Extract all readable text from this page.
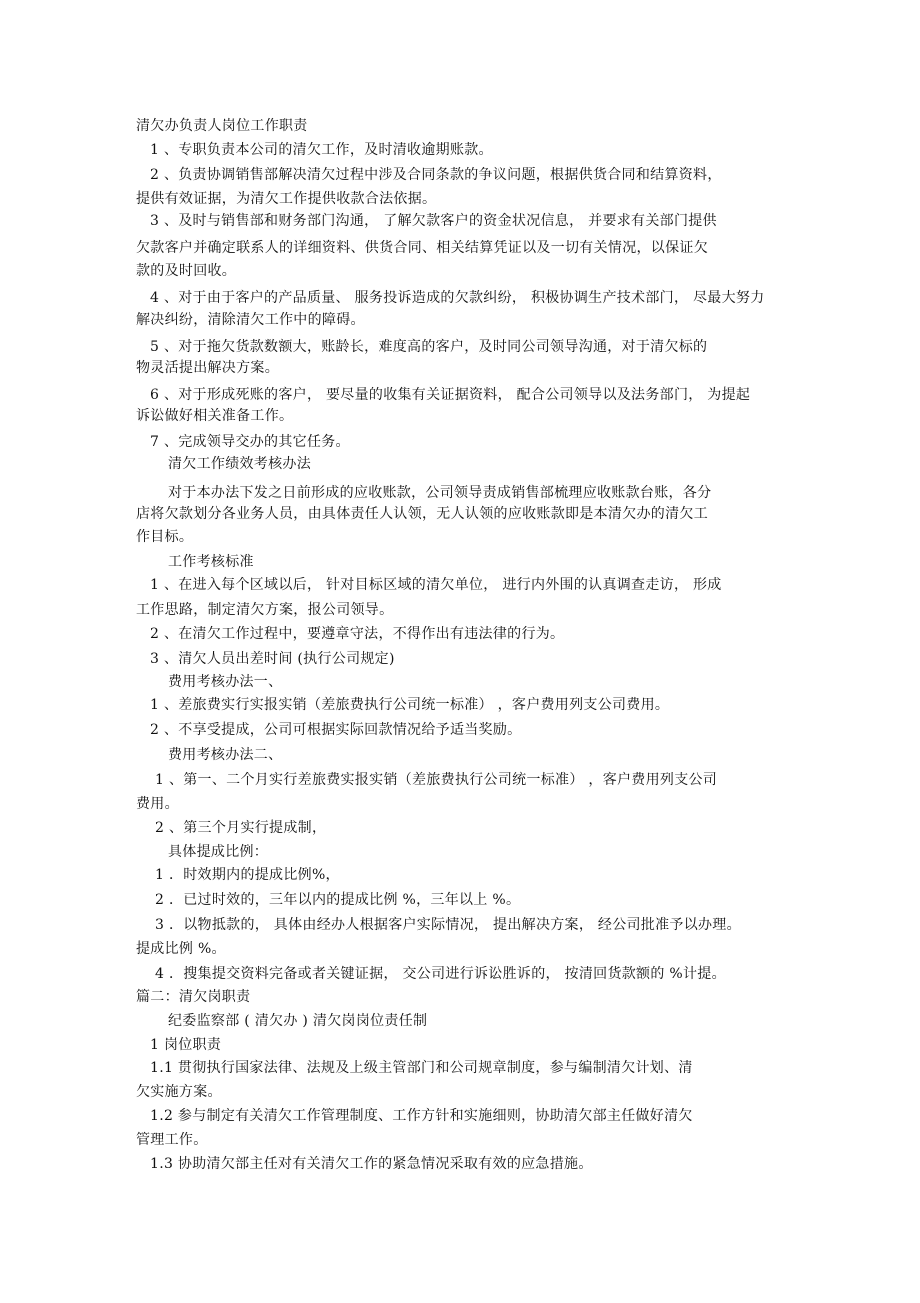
清欠办负责人岗位工作职责
1 、专职负责本公司的清欠工作，及时清收逾期账款。
2 、负责协调销售部解决清欠过程中涉及合同条款的争议问题，根据供货合同和结算资料，
提供有效证据，为清欠工作提供收款合法依据。
3 、及时与销售部和财务部门沟通， 了解欠款客户的资金状况信息， 并要求有关部门提供
欠款客户并确定联系人的详细资料、供货合同、相关结算凭证以及一切有关情况，以保证欠
款的及时回收。
4 、对于由于客户的产品质量、 服务投诉造成的欠款纠纷， 积极协调生产技术部门， 尽最大努力
解决纠纷，清除清欠工作中的障碍。
5 、对于拖欠货款数额大，账龄长，难度高的客户，及时同公司领导沟通，对于清欠标的
物灵活提出解决方案。
6 、对于形成死账的客户， 要尽量的收集有关证据资料， 配合公司领导以及法务部门， 为提起
诉讼做好相关准备工作。
7 、完成领导交办的其它任务。
清欠工作绩效考核办法
对于本办法下发之日前形成的应收账款，公司领导责成销售部梳理应收账款台账，各分
店将欠款划分各业务人员，由具体责任人认领，无人认领的应收账款即是本清欠办的清欠工
作目标。
工作考核标准
1 、在进入每个区域以后， 针对目标区域的清欠单位， 进行内外围的认真调查走访， 形成
工作思路，制定清欠方案，报公司领导。
2 、在清欠工作过程中，要遵章守法，不得作出有违法律的行为。
3 、清欠人员出差时间 (执行公司规定)
费用考核办法一、
1 、差旅费实行实报实销（差旅费执行公司统一标准） ，客户费用列支公司费用。
2 、不享受提成，公司可根据实际回款情况给予适当奖励。
费用考核办法二、
1 、第一、二个月实行差旅费实报实销（差旅费执行公司统一标准） ，客户费用列支公司
费用。
2 、第三个月实行提成制，
具体提成比例：
1 ．时效期内的提成比例%，
2 ．已过时效的，三年以内的提成比例 %，三年以上 %。
3 ．以物抵款的， 具体由经办人根据客户实际情况， 提出解决方案， 经公司批准予以办理。
提成比例 %。
4 ．搜集提交资料完备或者关键证据， 交公司进行诉讼胜诉的， 按清回货款额的 %计提。
篇二：清欠岗职责
纪委监察部 ( 清欠办 ) 清欠岗岗位责任制
1 岗位职责
1.1 贯彻执行国家法律、法规及上级主管部门和公司规章制度，参与编制清欠计划、清
欠实施方案。
1.2 参与制定有关清欠工作管理制度、工作方针和实施细则，协助清欠部主任做好清欠
管理工作。
1.3 协助清欠部主任对有关清欠工作的紧急情况采取有效的应急措施。
